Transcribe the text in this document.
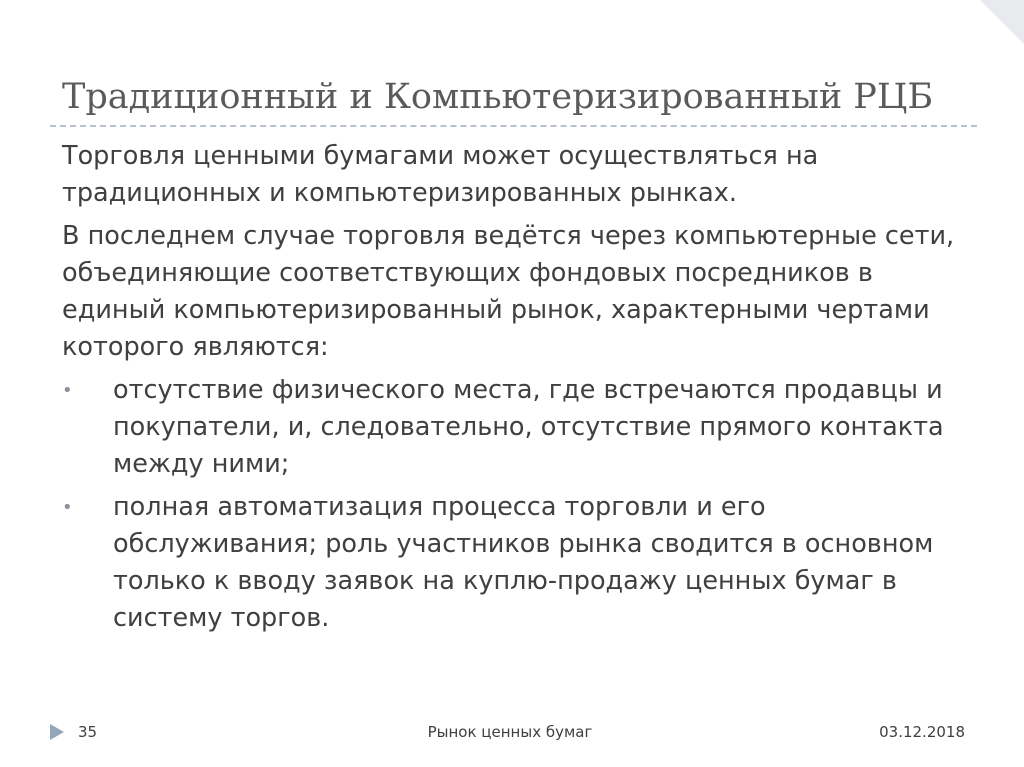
Традиционный и Компьютеризированный РЦБ

Торговля ценными бумагами может осуществляться на традиционных и компьютеризированных рынках.

В последнем случае торговля ведётся через компьютерные сети, объединяющие соответствующих фондовых посредников в единый компьютеризированный рынок, характерными чертами которого являются:

• отсутствие физического места, где встречаются продавцы и покупатели, и, следовательно, отсутствие прямого контакта между ними;
• полная автоматизация процесса торговли и его обслуживания; роль участников рынка сводится в основном только к вводу заявок на куплю-продажу ценных бумаг в систему торгов.
35	Рынок ценных бумаг	03.12.2018
